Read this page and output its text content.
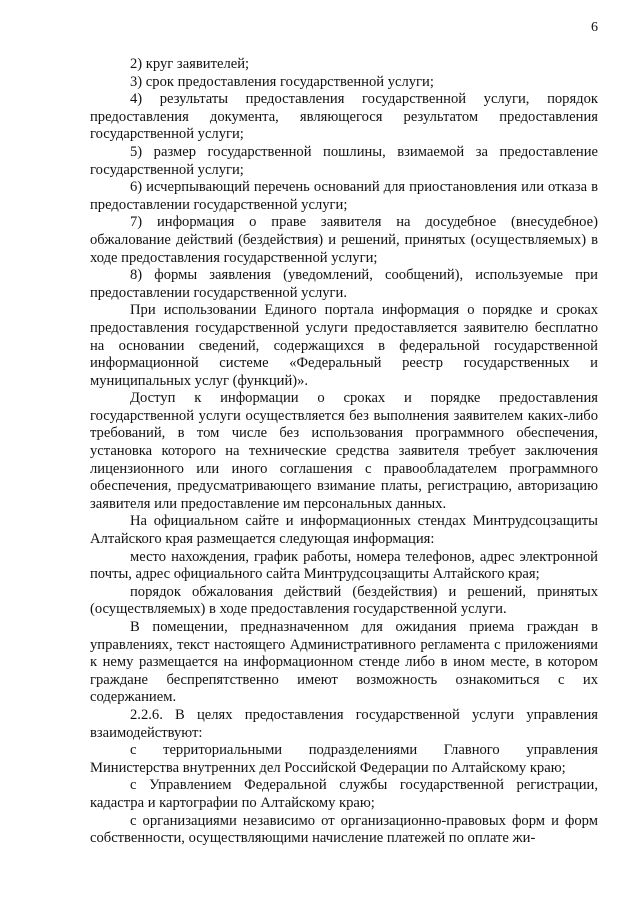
6

2) круг заявителей;

3) срок предоставления государственной услуги;

4) результаты предоставления государственной услуги, порядок предоставления документа, являющегося результатом предоставления государственной услуги;

5) размер государственной пошлины, взимаемой за предоставление государственной услуги;

6) исчерпывающий перечень оснований для приостановления или отказа в предоставлении государственной услуги;

7) информация о праве заявителя на досудебное (внесудебное) обжалование действий (бездействия) и решений, принятых (осуществляемых) в ходе предоставления государственной услуги;

8) формы заявления (уведомлений, сообщений), используемые при предоставлении государственной услуги.

При использовании Единого портала информация о порядке и сроках предоставления государственной услуги предоставляется заявителю бесплатно на основании сведений, содержащихся в федеральной государственной информационной системе «Федеральный реестр государственных и муниципальных услуг (функций)».

Доступ к информации о сроках и порядке предоставления государственной услуги осуществляется без выполнения заявителем каких-либо требований, в том числе без использования программного обеспечения, установка которого на технические средства заявителя требует заключения лицензионного или иного соглашения с правообладателем программного обеспечения, предусматривающего взимание платы, регистрацию, авторизацию заявителя или предоставление им персональных данных.

На официальном сайте и информационных стендах Минтрудсоцзащиты Алтайского края размещается следующая информация:

место нахождения, график работы, номера телефонов, адрес электронной почты, адрес официального сайта Минтрудсоцзащиты Алтайского края;

порядок обжалования действий (бездействия) и решений, принятых (осуществляемых) в ходе предоставления государственной услуги.

В помещении, предназначенном для ожидания приема граждан в управлениях, текст настоящего Административного регламента с приложениями к нему размещается на информационном стенде либо в ином месте, в котором граждане беспрепятственно имеют возможность ознакомиться с их содержанием.

2.2.6. В целях предоставления государственной услуги управления взаимодействуют:

с территориальными подразделениями Главного управления Министерства внутренних дел Российской Федерации по Алтайскому краю;

с Управлением Федеральной службы государственной регистрации, кадастра и картографии по Алтайскому краю;

с организациями независимо от организационно-правовых форм и форм собственности, осуществляющими начисление платежей по оплате жи-
